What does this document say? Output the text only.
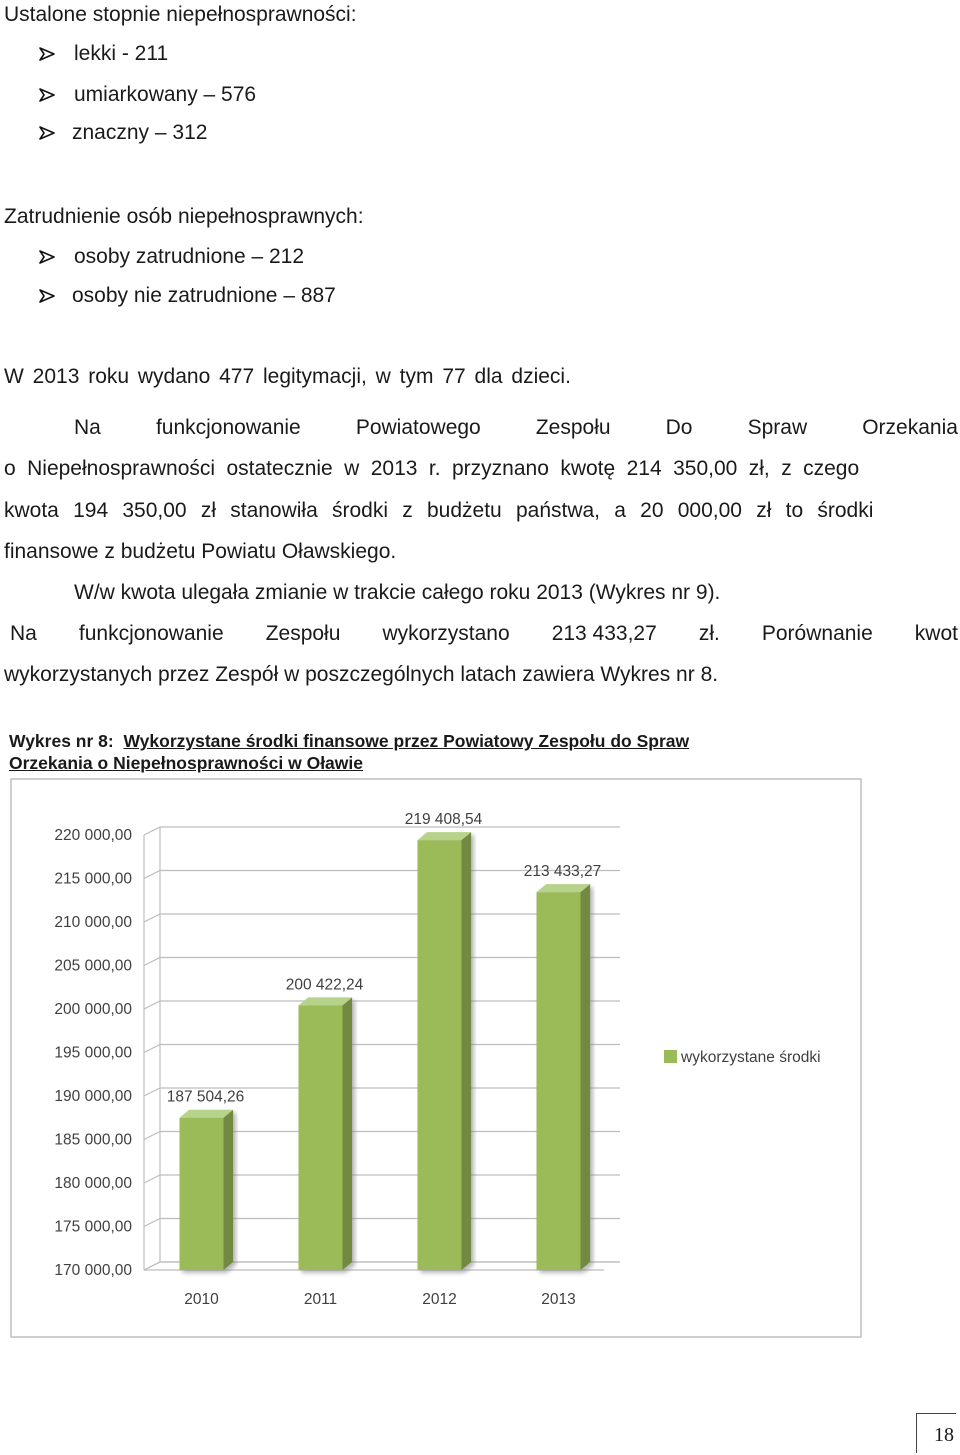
Ustalone stopnie niepełnosprawności:
lekki - 211
umiarkowany – 576
znaczny – 312
Zatrudnienie osób niepełnosprawnych:
osoby zatrudnione – 212
osoby nie zatrudnione – 887
W 2013 roku wydano 477 legitymacji, w tym 77 dla dzieci.
Na	funkcjonowanie	Powiatowego	Zespołu	Do	Spraw	Orzekania
o Niepełnosprawności ostatecznie w 2013 r. przyznano kwotę 214 350,00 zł, z czego
kwota 194 350,00 zł stanowiła środki z budżetu państwa, a 20 000,00 zł to środki
finansowe z budżetu Powiatu Oławskiego.
W/w kwota ulegała zmianie w trakcie całego roku 2013 (Wykres nr 9).
Na funkcjonowanie Zespołu wykorzystano 213 433,27 zł. Porównanie kwot
wykorzystanych przez Zespół w poszczególnych latach zawiera Wykres nr 8.
Wykres nr 8: Wykorzystane środki finansowe przez Powiatowy Zespołu do Spraw
Orzekania o Niepełnosprawności w Oławie
170 000,00
175 000,00
180 000,00
185 000,00
190 000,00
195 000,00
200 000,00
205 000,00
210 000,00
215 000,00
220 000,00
187 504,26
2010
200 422,24
2011
219 408,54
2012
213 433,27
2013
wykorzystane środki
18
